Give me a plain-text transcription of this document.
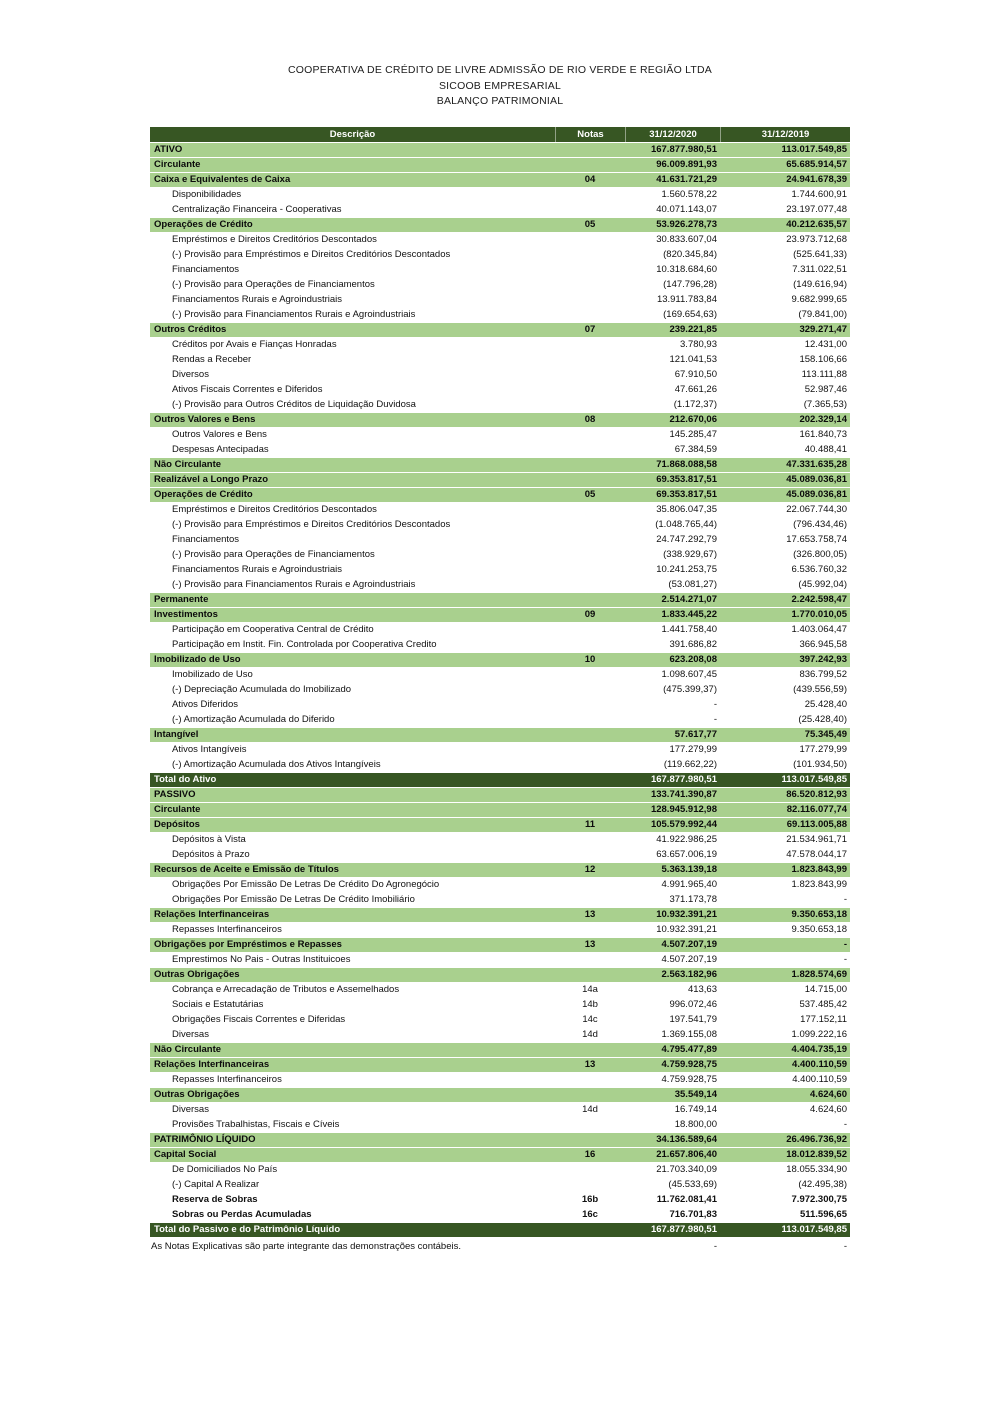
COOPERATIVA DE CRÉDITO DE LIVRE ADMISSÃO DE RIO VERDE E REGIÃO LTDA
SICOOB EMPRESARIAL
BALANÇO PATRIMONIAL
Descrição	Notas	31/12/2020	31/12/2019
ATIVO	167.877.980,51	113.017.549,85
Circulante	96.009.891,93	65.685.914,57
Caixa e Equivalentes de Caixa	04	41.631.721,29	24.941.678,39
Disponibilidades	1.560.578,22	1.744.600,91
Centralização Financeira - Cooperativas	40.071.143,07	23.197.077,48
Operações de Crédito	05	53.926.278,73	40.212.635,57
Empréstimos e Direitos Creditórios Descontados	30.833.607,04	23.973.712,68
(-) Provisão para Empréstimos e Direitos Creditórios Descontados	(820.345,84)	(525.641,33)
Financiamentos	10.318.684,60	7.311.022,51
(-) Provisão para Operações de Financiamentos	(147.796,28)	(149.616,94)
Financiamentos Rurais e Agroindustriais	13.911.783,84	9.682.999,65
(-) Provisão para Financiamentos Rurais e Agroindustriais	(169.654,63)	(79.841,00)
Outros Créditos	07	239.221,85	329.271,47
Créditos por Avais e Fianças Honradas	3.780,93	12.431,00
Rendas a Receber	121.041,53	158.106,66
Diversos	67.910,50	113.111,88
Ativos Fiscais Correntes e Diferidos	47.661,26	52.987,46
(-) Provisão para Outros Créditos de Liquidação Duvidosa	(1.172,37)	(7.365,53)
Outros Valores e Bens	08	212.670,06	202.329,14
Outros Valores e Bens	145.285,47	161.840,73
Despesas Antecipadas	67.384,59	40.488,41
Não Circulante	71.868.088,58	47.331.635,28
Realizável a Longo Prazo	69.353.817,51	45.089.036,81
Operações de Crédito	05	69.353.817,51	45.089.036,81
Empréstimos e Direitos Creditórios Descontados	35.806.047,35	22.067.744,30
(-) Provisão para Empréstimos e Direitos Creditórios Descontados	(1.048.765,44)	(796.434,46)
Financiamentos	24.747.292,79	17.653.758,74
(-) Provisão para Operações de Financiamentos	(338.929,67)	(326.800,05)
Financiamentos Rurais e Agroindustriais	10.241.253,75	6.536.760,32
(-) Provisão para Financiamentos Rurais e Agroindustriais	(53.081,27)	(45.992,04)
Permanente	2.514.271,07	2.242.598,47
Investimentos	09	1.833.445,22	1.770.010,05
Participação em Cooperativa Central de Crédito	1.441.758,40	1.403.064,47
Participação em Instit. Fin. Controlada por Cooperativa Credito	391.686,82	366.945,58
Imobilizado de Uso	10	623.208,08	397.242,93
Imobilizado de Uso	1.098.607,45	836.799,52
(-) Depreciação Acumulada do Imobilizado	(475.399,37)	(439.556,59)
Ativos Diferidos	-	25.428,40
(-) Amortização Acumulada do Diferido	-	(25.428,40)
Intangível	57.617,77	75.345,49
Ativos Intangíveis	177.279,99	177.279,99
(-) Amortização Acumulada dos Ativos Intangíveis	(119.662,22)	(101.934,50)
Total do Ativo	167.877.980,51	113.017.549,85
PASSIVO	133.741.390,87	86.520.812,93
Circulante	128.945.912,98	82.116.077,74
Depósitos	11	105.579.992,44	69.113.005,88
Depósitos à Vista	41.922.986,25	21.534.961,71
Depósitos à Prazo	63.657.006,19	47.578.044,17
Recursos de Aceite e Emissão de Títulos	12	5.363.139,18	1.823.843,99
Obrigações Por Emissão De Letras De Crédito Do Agronegócio	4.991.965,40	1.823.843,99
Obrigações Por Emissão De Letras De Crédito Imobiliário	371.173,78	-
Relações Interfinanceiras	13	10.932.391,21	9.350.653,18
Repasses Interfinanceiros	10.932.391,21	9.350.653,18
Obrigações por Empréstimos e Repasses	13	4.507.207,19	-
Emprestimos No Pais - Outras Instituicoes	4.507.207,19	-
Outras Obrigações	2.563.182,96	1.828.574,69
Cobrança e Arrecadação de Tributos e Assemelhados	14a	413,63	14.715,00
Sociais e Estatutárias	14b	996.072,46	537.485,42
Obrigações Fiscais Correntes e Diferidas	14c	197.541,79	177.152,11
Diversas	14d	1.369.155,08	1.099.222,16
Não Circulante	4.795.477,89	4.404.735,19
Relações Interfinanceiras	13	4.759.928,75	4.400.110,59
Repasses Interfinanceiros	4.759.928,75	4.400.110,59
Outras Obrigações	35.549,14	4.624,60
Diversas	14d	16.749,14	4.624,60
Provisões Trabalhistas, Fiscais e Cíveis	18.800,00	-
PATRIMÔNIO LÍQUIDO	34.136.589,64	26.496.736,92
Capital Social	16	21.657.806,40	18.012.839,52
De Domiciliados No País	21.703.340,09	18.055.334,90
(-) Capital A Realizar	(45.533,69)	(42.495,38)
Reserva de Sobras	16b	11.762.081,41	7.972.300,75
Sobras ou Perdas Acumuladas	16c	716.701,83	511.596,65
Total do Passivo e do Patrimônio Líquido	167.877.980,51	113.017.549,85
As Notas Explicativas são parte integrante das demonstrações contábeis.	-	-
